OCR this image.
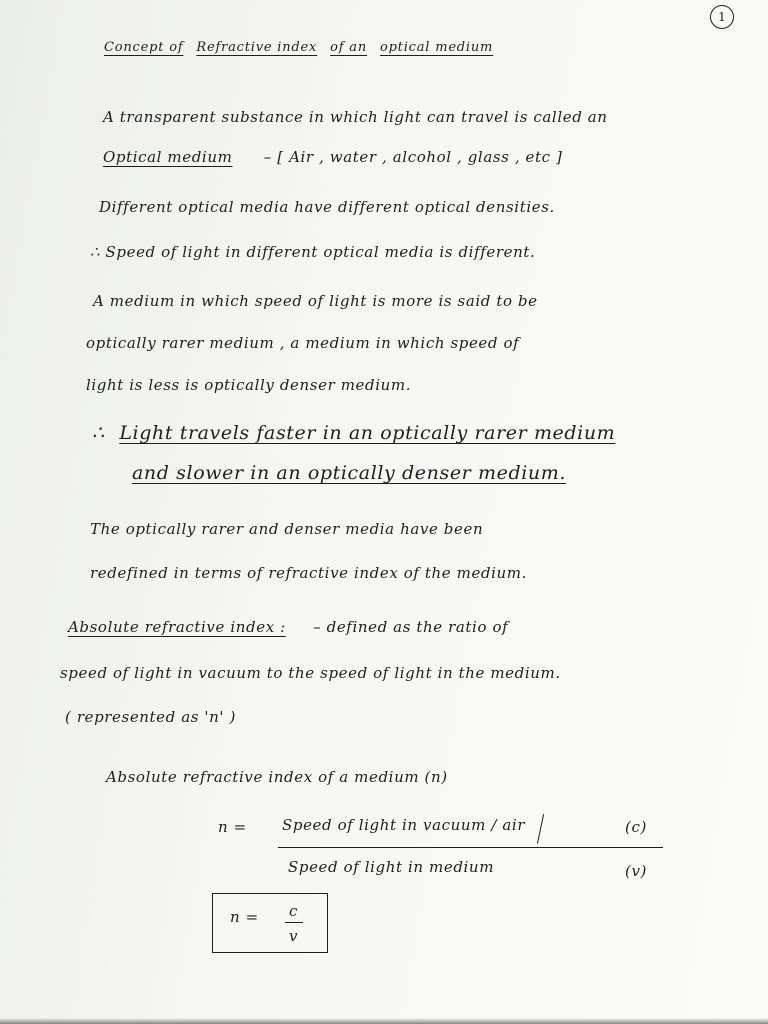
1
Concept of Refractive index of an optical medium
A transparent substance in which light can travel is called an
Optical medium – [ Air , water , alcohol , glass , etc ]
Different optical media have different optical densities.
∴ Speed of light in different optical media is different.
A medium in which speed of light is more is said to be
optically rarer medium , a medium in which speed of
light is less is optically denser medium.
∴ Light travels faster in an optically rarer medium
and slower in an optically denser medium.
The optically rarer and denser media have been
redefined in terms of refractive index of the medium.
Absolute refractive index : – defined as the ratio of
speed of light in vacuum to the speed of light in the medium.
( represented as 'n' )
Absolute refractive index of a medium (n)
n = Speed of light in vacuum / air	(c)
Speed of light in medium	(v)
n = c
v
